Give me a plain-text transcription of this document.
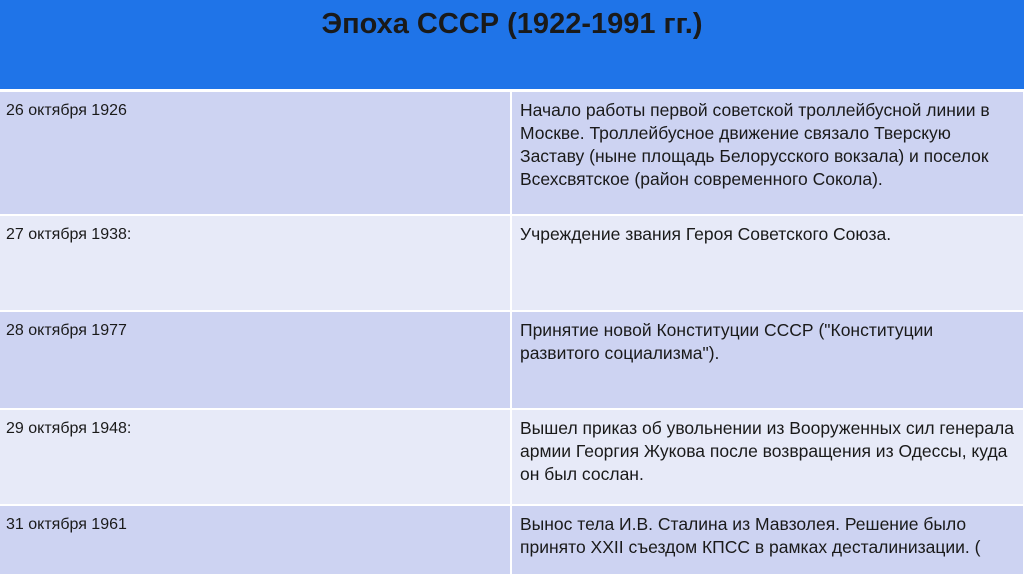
Эпоха СССР (1922-1991 гг.)
26 октября 1926	Начало работы первой советской троллейбусной линии в Москве. Троллейбусное движение связало Тверскую Заставу (ныне площадь Белорусского вокзала) и поселок Всехсвятское (район современного Сокола).
27 октября 1938:	Учреждение звания Героя Советского Союза.
28 октября 1977	Принятие новой Конституции СССР ("Конституции развитого социализма").
29 октября 1948:	Вышел приказ об увольнении из Вооруженных сил генерала армии Георгия Жукова после возвращения из Одессы, куда он был сослан.
31 октября 1961	Вынос тела И.В. Сталина из Мавзолея. Решение было принято XXII съездом КПСС в рамках десталинизации. (
